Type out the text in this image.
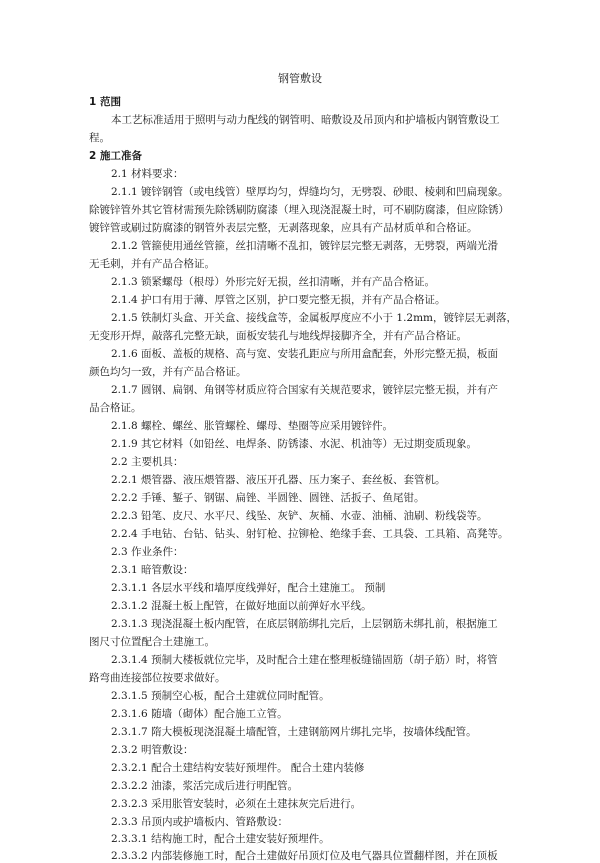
钢管敷设
1 范围
本工艺标准适用于照明与动力配线的钢管明、暗敷设及吊顶内和护墙板内钢管敷设工
程。
2 施工准备
2.1 材料要求：
2.1.1 镀锌钢管（或电线管）壁厚均匀，焊缝均匀，无劈裂、砂眼、棱刺和凹扁现象。
除镀锌管外其它管材需预先除锈刷防腐漆（埋入现浇混凝土时，可不刷防腐漆，但应除锈）
镀锌管或刷过防腐漆的钢管外表层完整，无剥落现象，应具有产品材质单和合格证。
2.1.2 管箍使用通丝管箍，丝扣清晰不乱扣，镀锌层完整无剥落，无劈裂，两端光滑
无毛刺，并有产品合格证。
2.1.3 锁紧螺母（根母）外形完好无损，丝扣清晰，并有产品合格证。
2.1.4 护口有用于薄、厚管之区别，护口要完整无损，并有产品合格证。
2.1.5 铁制灯头盒、开关盒、接线盒等，金属板厚度应不小于 1.2mm，镀锌层无剥落，
无变形开焊，敲落孔完整无缺，面板安装孔与地线焊接脚齐全，并有产品合格证。
2.1.6 面板、盖板的规格、高与宽、安装孔距应与所用盒配套，外形完整无损，板面
颜色均匀一致，并有产品合格证。
2.1.7 圆钢、扁钢、角钢等材质应符合国家有关规范要求，镀锌层完整无损，并有产
品合格证。
2.1.8 螺栓、螺丝、胀管螺栓、螺母、垫圈等应采用镀锌件。
2.1.9 其它材料（如铅丝、电焊条、防锈漆、水泥、机油等）无过期变质现象。
2.2 主要机具：
2.2.1 煨管器、液压煨管器、液压开孔器、压力案子、套丝板、套管机。
2.2.2 手锤、錾子、钢锯、扁锉、半圆锉、圆锉、活扳子、鱼尾钳。
2.2.3 铅笔、皮尺、水平尺、线坠、灰铲、灰桶、水壶、油桶、油刷、粉线袋等。
2.2.4 手电钻、台钻、钻头、射钉枪、拉铆枪、绝缘手套、工具袋、工具箱、高凳等。
2.3 作业条件：
2.3.1 暗管敷设：
2.3.1.1 各层水平线和墙厚度线弹好，配合土建施工。 预制
2.3.1.2 混凝土板上配管，在做好地面以前弹好水平线。
2.3.1.3 现浇混凝土板内配管，在底层钢筋绑扎完后，上层钢筋未绑扎前，根据施工
图尺寸位置配合土建施工。
2.3.1.4 预制大楼板就位完毕，及时配合土建在整理板缝锚固筋（胡子筋）时，将管
路弯曲连接部位按要求做好。
2.3.1.5 预制空心板，配合土建就位同时配管。
2.3.1.6 随墙（砌体）配合施工立管。
2.3.1.7 隋大模板现浇混凝土墙配管，土建钢筋网片绑扎完毕，按墙体线配管。
2.3.2 明管敷设：
2.3.2.1 配合土建结构安装好预埋件。 配合土建内装修
2.3.2.2 油漆，浆活完成后进行明配管。
2.3.2.3 采用胀管安装时，必须在土建抹灰完后进行。
2.3.3 吊顶内或护墙板内、管路敷设：
2.3.3.1 结构施工时，配合土建安装好预埋件。
2.3.3.2 内部装修施工时，配合土建做好吊顶灯位及电气器具位置翻样图，并在顶板
